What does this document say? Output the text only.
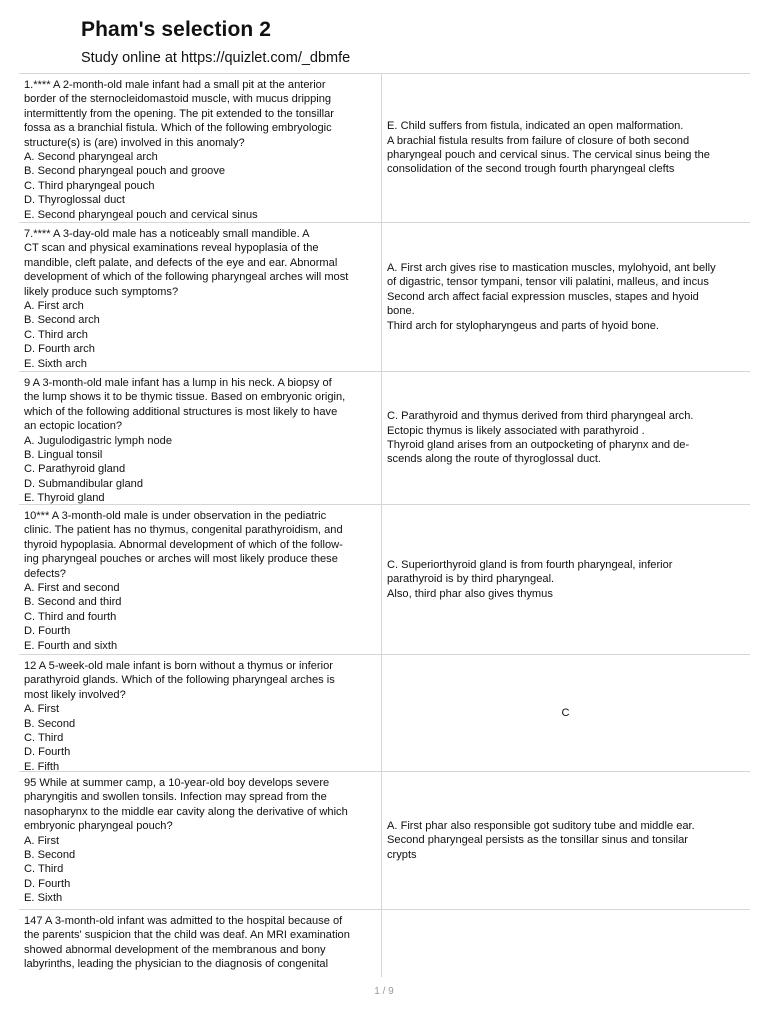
Pham's selection 2
Study online at https://quizlet.com/_dbmfe
1.**** A 2-month-old male infant had a small pit at the anterior
border of the sternocleidomastoid muscle, with mucus dripping
intermittently from the opening. The pit extended to the tonsillar
fossa as a branchial fistula. Which of the following embryologic
structure(s) is (are) involved in this anomaly?
A. Second pharyngeal arch
B. Second pharyngeal pouch and groove
C. Third pharyngeal pouch
D. Thyroglossal duct
E. Second pharyngeal pouch and cervical sinus
E. Child suffers from fistula, indicated an open malformation.
A brachial fistula results from failure of closure of both second
pharyngeal pouch and cervical sinus. The cervical sinus being the
consolidation of the second trough fourth pharyngeal clefts
7.**** A 3-day-old male has a noticeably small mandible. A
CT scan and physical examinations reveal hypoplasia of the
mandible, cleft palate, and defects of the eye and ear. Abnormal
development of which of the following pharyngeal arches will most
likely produce such symptoms?
A. First arch
B. Second arch
C. Third arch
D. Fourth arch
E. Sixth arch
A. First arch gives rise to mastication muscles, mylohyoid, ant belly
of digastric, tensor tympani, tensor vili palatini, malleus, and incus
Second arch affect facial expression muscles, stapes and hyoid
bone.
Third arch for stylopharyngeus and parts of hyoid bone.
9 A 3-month-old male infant has a lump in his neck. A biopsy of
the lump shows it to be thymic tissue. Based on embryonic origin,
which of the following additional structures is most likely to have
an ectopic location?
A. Jugulodigastric lymph node
B. Lingual tonsil
C. Parathyroid gland
D. Submandibular gland
E. Thyroid gland
C. Parathyroid and thymus derived from third pharyngeal arch.
Ectopic thymus is likely associated with parathyroid .
Thyroid gland arises from an outpocketing of pharynx and de-
scends along the route of thyroglossal duct.
10*** A 3-month-old male is under observation in the pediatric
clinic. The patient has no thymus, congenital parathyroidism, and
thyroid hypoplasia. Abnormal development of which of the follow-
ing pharyngeal pouches or arches will most likely produce these
defects?
A. First and second
B. Second and third
C. Third and fourth
D. Fourth
E. Fourth and sixth
C. Superiorthyroid gland is from fourth pharyngeal, inferior
parathyroid is by third pharyngeal.
Also, third phar also gives thymus
12 A 5-week-old male infant is born without a thymus or inferior
parathyroid glands. Which of the following pharyngeal arches is
most likely involved?
A. First
B. Second
C. Third
D. Fourth
E. Fifth
C
95 While at summer camp, a 10-year-old boy develops severe
pharyngitis and swollen tonsils. Infection may spread from the
nasopharynx to the middle ear cavity along the derivative of which
embryonic pharyngeal pouch?
A. First
B. Second
C. Third
D. Fourth
E. Sixth
A. First phar also responsible got suditory tube and middle ear.
Second pharyngeal persists as the tonsillar sinus and tonsilar
crypts
147 A 3-month-old infant was admitted to the hospital because of
the parents' suspicion that the child was deaf. An MRI examination
showed abnormal development of the membranous and bony
labyrinths, leading the physician to the diagnosis of congenital
1 / 9
